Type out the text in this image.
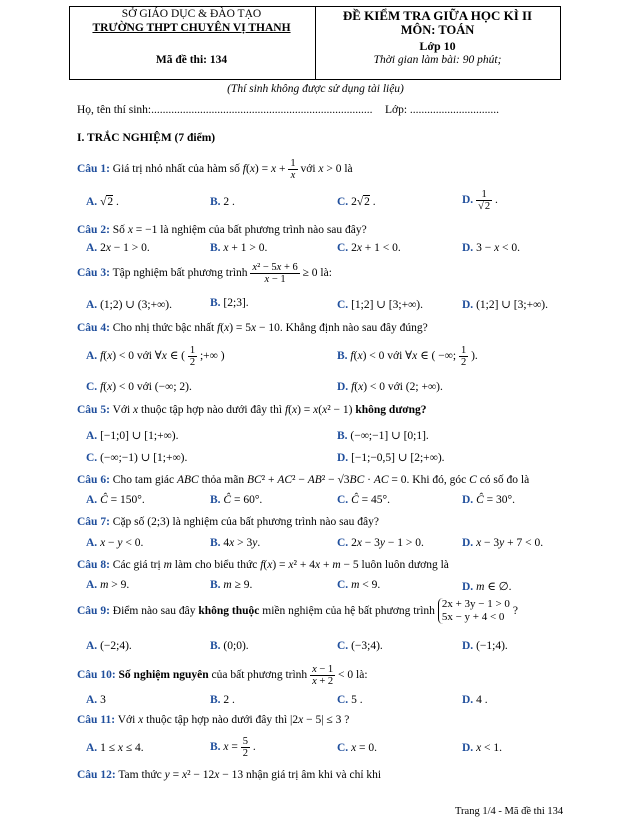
SỞ GIÁO DỤC & ĐÀO TẠO
TRƯỜNG THPT CHUYÊN VỊ THANH
Mã đề thi: 134
ĐỀ KIỂM TRA GIỮA HỌC KÌ II
MÔN: TOÁN
Lớp 10
Thời gian làm bài: 90 phút;
(Thí sinh không được sử dụng tài liệu)
Họ, tên thí sinh:............................................................................. Lớp: ...............................
I. TRẮC NGHIỆM (7 điểm)
Câu 1: Giá trị nhỏ nhất của hàm số $f(x) = x + \frac{1}{x}$ với x > 0 là
A. √2 .	B. 2 .	C. 2√2 .	D. $\frac{1}{√2}$ .
Câu 2: Số x = −1 là nghiệm của bất phương trình nào sau đây?
A. 2x − 1 > 0.	B. x + 1 > 0.	C. 2x + 1 < 0.	D. 3 − x < 0.
Câu 3: Tập nghiệm bất phương trình $\frac{\text{x² − 5x + 6}}{x - 1} \ge 0$ là:
A. (1;2) ∪ (3;+∞).	B. [2;3].	C. [1;2] ∪ [3;+∞).	D. (1;2] ∪ [3;+∞).
Câu 4: Cho nhị thức bậc nhất f(x) = 5x − 10. Khẳng định nào sau đây đúng?
A. f(x) < 0 với ∀x ∈ ( $\frac{1}{2}$ ;+∞ )	B. f(x) < 0 với ∀x ∈ ( −∞; $\frac{1}{2}$ ).
C. f(x) < 0 với (−∞; 2).	D. f(x) < 0 với (2; +∞).
Câu 5: Với x thuộc tập hợp nào dưới đây thì f(x) = x(x² − 1) không dương?
A. [−1;0] ∪ [1;+∞).	B. (−∞;−1] ∪ [0;1].
C. (−∞;−1) ∪ [1;+∞).	D. [−1;−0,5] ∪ [2;+∞).
Câu 6: Cho tam giác ABC thỏa mãn BC² + AC² − AB² − √3BC · AC = 0. Khi đó, góc C có số đo là
A. Ĉ = 150°.	B. Ĉ = 60°.	C. Ĉ = 45°.	D. Ĉ = 30°.
Câu 7: Cặp số (2;3) là nghiệm của bất phương trình nào sau đây?
A. x − y < 0.	B. 4x > 3y.	C. 2x − 3y − 1 > 0.	D. x − 3y + 7 < 0.
Câu 8: Các giá trị m làm cho biểu thức f(x) = x² + 4x + m − 5 luôn luôn dương là
A. m > 9.	B. m ≥ 9.	C. m < 9.	D. m ∈ ∅.
Câu 9: Điểm nào sau đây không thuộc miền nghiệm của hệ bất phương trình
2x + 3y − 1 > 0
5x − y + 4 < 0
?
A. (−2;4).	B. (0;0).	C. (−3;4).	D. (−1;4).
Câu 10: Số nghiệm nguyên của bất phương trình $\frac{x - 1}{x + 2} < 0$ là:
A. 3	B. 2 .	C. 5 .	D. 4 .
Câu 11: Với x thuộc tập hợp nào dưới đây thì |2x − 5| ≤ 3 ?
A. 1 ≤ x ≤ 4.	B. $x = \frac{5}{2}$ .	C. x = 0.	D. x < 1.
Câu 12: Tam thức y = x² − 12x − 13 nhận giá trị âm khi và chỉ khi
Trang 1/4 - Mã đề thi 134
